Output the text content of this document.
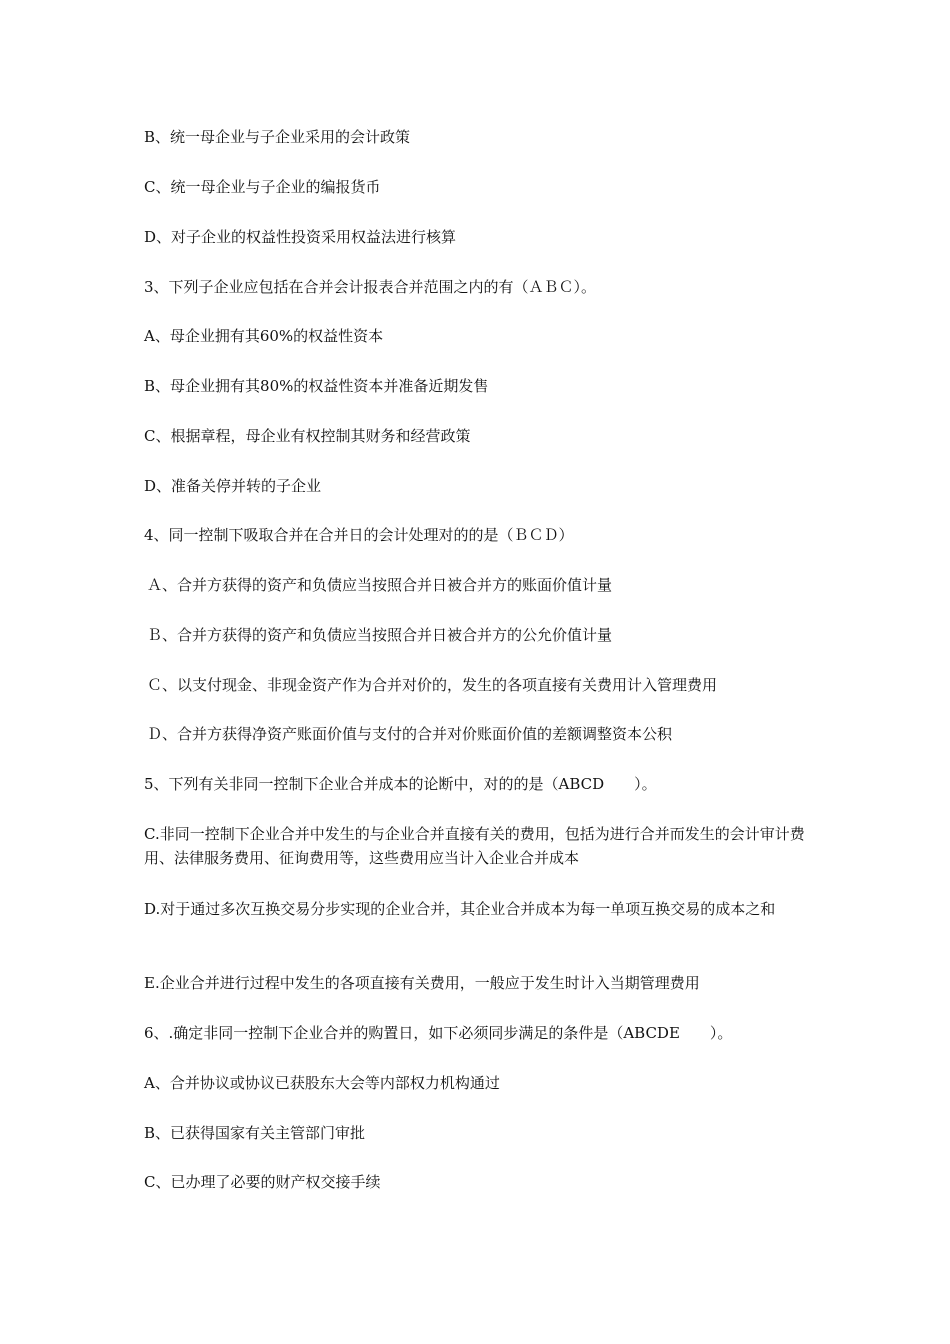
B、统一母企业与子企业采用的会计政策

C、统一母企业与子企业的编报货币

D、对子企业的权益性投资采用权益法进行核算

3、下列子企业应包括在合并会计报表合并范围之内的有（ＡＢＣ）。

A、母企业拥有其60%的权益性资本

B、母企业拥有其80%的权益性资本并准备近期发售

C、根据章程，母企业有权控制其财务和经营政策

D、准备关停并转的子企业

4、同一控制下吸取合并在合并日的会计处理对的的是（ＢＣＤ）

Ａ、合并方获得的资产和负债应当按照合并日被合并方的账面价值计量

Ｂ、合并方获得的资产和负债应当按照合并日被合并方的公允价值计量

Ｃ、以支付现金、非现金资产作为合并对价的，发生的各项直接有关费用计入管理费用

Ｄ、合并方获得净资产账面价值与支付的合并对价账面价值的差额调整资本公积

5、下列有关非同一控制下企业合并成本的论断中，对的的是（ABCD　　）。

C.非同一控制下企业合并中发生的与企业合并直接有关的费用，包括为进行合并而发生的会计审计费用、法律服务费用、征询费用等，这些费用应当计入企业合并成本

D.对于通过多次互换交易分步实现的企业合并，其企业合并成本为每一单项互换交易的成本之和

E.企业合并进行过程中发生的各项直接有关费用，一般应于发生时计入当期管理费用

6、.确定非同一控制下企业合并的购置日，如下必须同步满足的条件是（ABCDE　　）。

A、合并协议或协议已获股东大会等内部权力机构通过

B、已获得国家有关主管部门审批

C、已办理了必要的财产权交接手续
